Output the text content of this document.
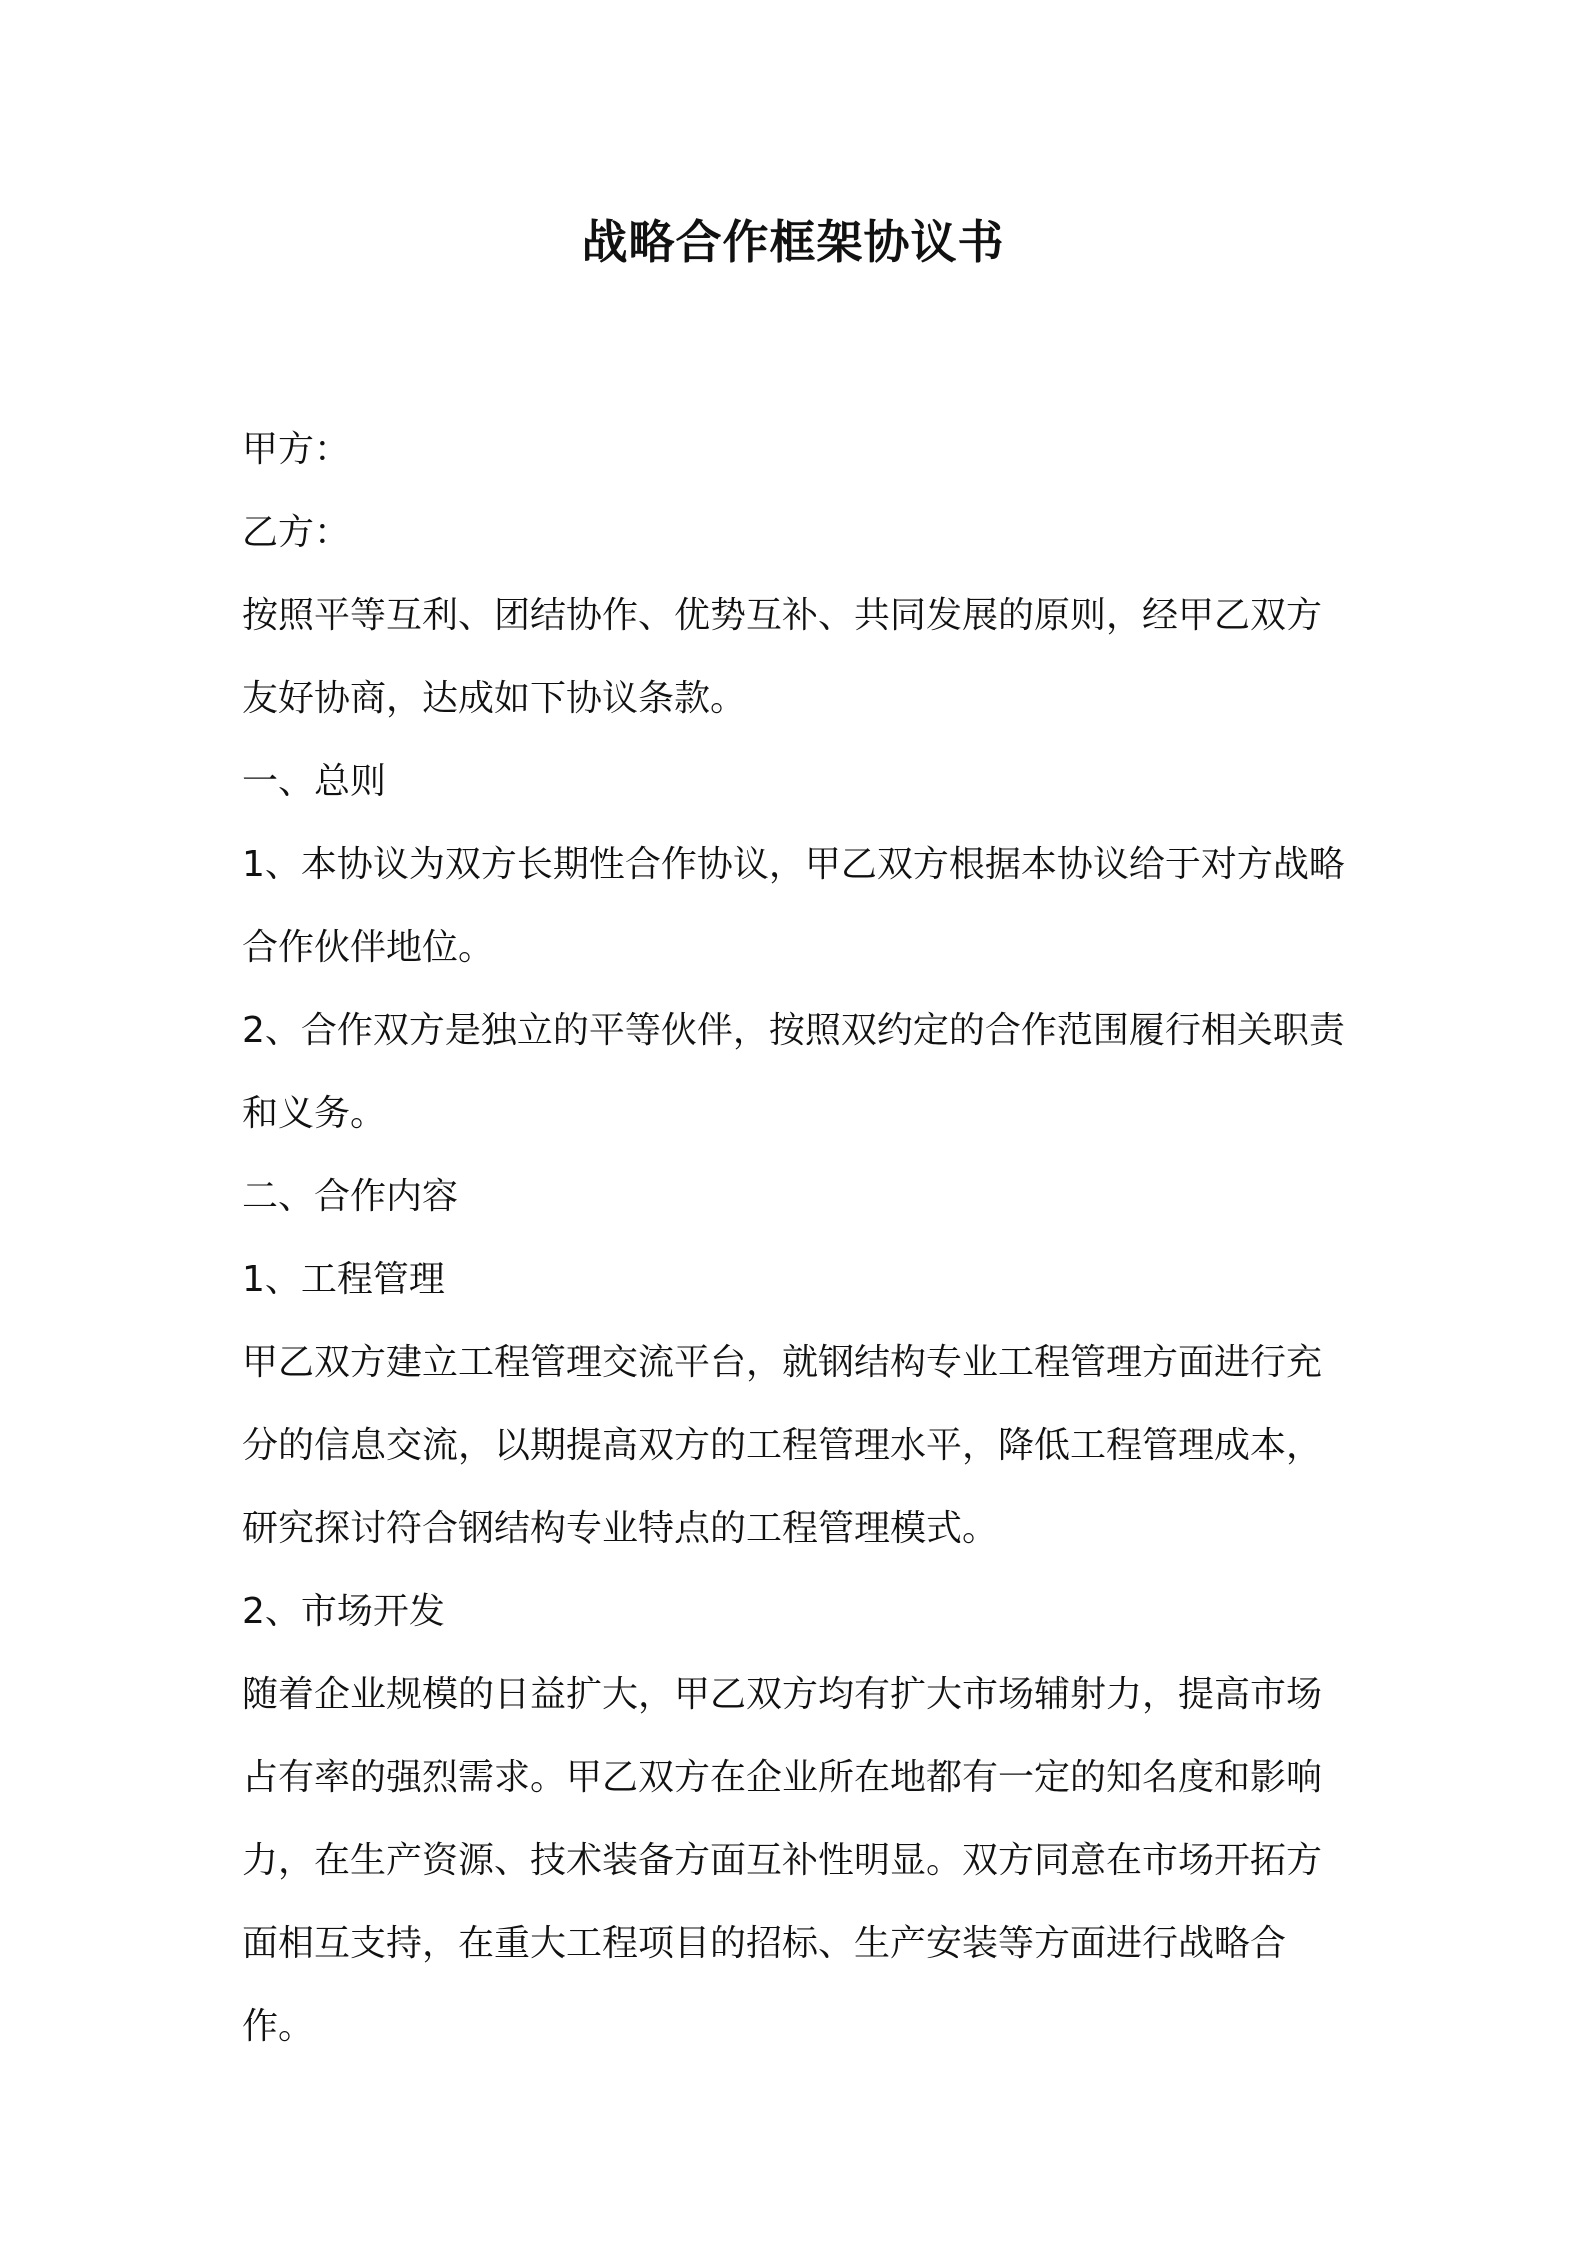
战略合作框架协议书

甲方：

乙方：

按照平等互利、团结协作、优势互补、共同发展的原则，经甲乙双方友好协商，达成如下协议条款。

一、总则

1、本协议为双方长期性合作协议，甲乙双方根据本协议给于对方战略合作伙伴地位。

2、合作双方是独立的平等伙伴，按照双约定的合作范围履行相关职责和义务。

二、合作内容

1、工程管理

甲乙双方建立工程管理交流平台，就钢结构专业工程管理方面进行充分的信息交流，以期提高双方的工程管理水平，降低工程管理成本，研究探讨符合钢结构专业特点的工程管理模式。

2、市场开发

随着企业规模的日益扩大，甲乙双方均有扩大市场辅射力，提高市场占有率的强烈需求。甲乙双方在企业所在地都有一定的知名度和影响力，在生产资源、技术装备方面互补性明显。双方同意在市场开拓方面相互支持，在重大工程项目的招标、生产安装等方面进行战略合作。
